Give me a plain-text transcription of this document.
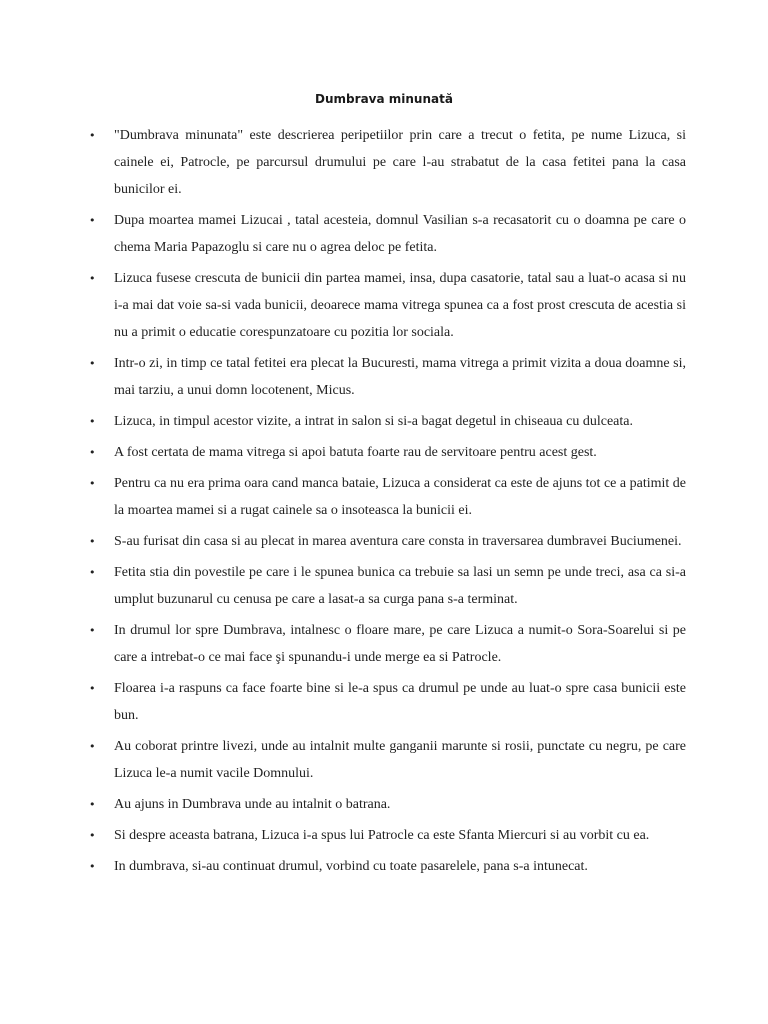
Dumbrava minunată
• "Dumbrava minunata" este descrierea peripetiilor prin care a trecut o fetita, pe nume Lizuca, si cainele ei, Patrocle, pe parcursul drumului pe care l-au strabatut de la casa fetitei pana la casa bunicilor ei.
• Dupa moartea mamei Lizucai , tatal acesteia, domnul Vasilian s-a recasatorit cu o doamna pe care o chema Maria Papazoglu si care nu o agrea deloc pe fetita.
• Lizuca fusese crescuta de bunicii din partea mamei, insa, dupa casatorie, tatal sau a luat-o acasa si nu i-a mai dat voie sa-si vada bunicii, deoarece mama vitrega spunea ca a fost prost crescuta de acestia si nu a primit o educatie corespunzatoare cu pozitia lor sociala.
• Intr-o zi, in timp ce tatal fetitei era plecat la Bucuresti, mama vitrega a primit vizita a doua doamne si, mai tarziu, a unui domn locotenent, Micus.
• Lizuca, in timpul acestor vizite, a intrat in salon si si-a bagat degetul in chiseaua cu dulceata.
• A fost certata de mama vitrega si apoi batuta foarte rau de servitoare pentru acest gest.
• Pentru ca nu era prima oara cand manca bataie, Lizuca a considerat ca este de ajuns tot ce a patimit de la moartea mamei si a rugat cainele sa o insoteasca la bunicii ei.
• S-au furisat din casa si au plecat in marea aventura care consta in traversarea dumbravei Buciumenei.
• Fetita stia din povestile pe care i le spunea bunica ca trebuie sa lasi un semn pe unde treci, asa ca si-a umplut buzunarul cu cenusa pe care a lasat-a sa curga pana s-a terminat.
• In drumul lor spre Dumbrava, intalnesc o floare mare, pe care Lizuca a numit-o Sora-Soarelui si pe care a intrebat-o ce mai face şi spunandu-i unde merge ea si Patrocle.
• Floarea i-a raspuns ca face foarte bine si le-a spus ca drumul pe unde au luat-o spre casa bunicii este bun.
• Au coborat printre livezi, unde au intalnit multe ganganii marunte si rosii, punctate cu negru, pe care Lizuca le-a numit vacile Domnului.
• Au ajuns in Dumbrava unde au intalnit o batrana.
• Si despre aceasta batrana, Lizuca i-a spus lui Patrocle ca este Sfanta Miercuri si au vorbit cu ea.
• In dumbrava, si-au continuat drumul, vorbind cu toate pasarelele, pana s-a intunecat.
